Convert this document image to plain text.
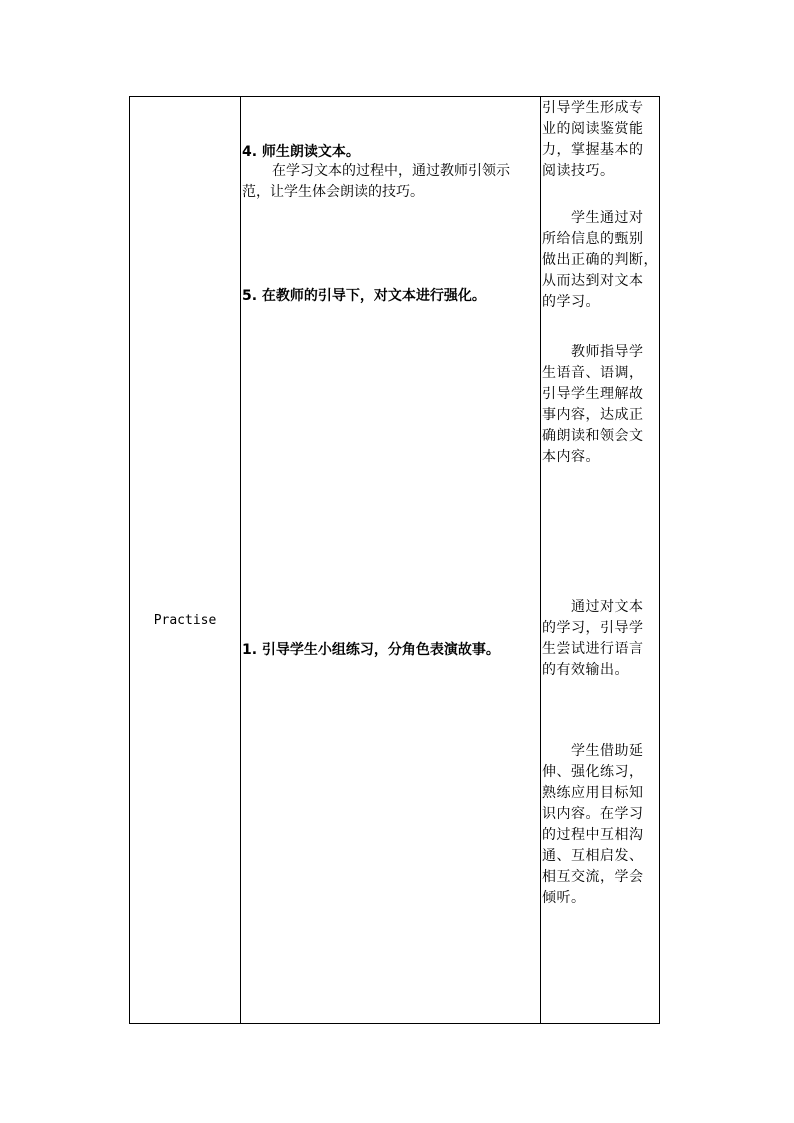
Practise
4. 师生朗读文本。
在学习文本的过程中，通过教师引领示
范，让学生体会朗读的技巧。
5. 在教师的引导下，对文本进行强化。
1. 引导学生小组练习，分角色表演故事。
引导学生形成专
业的阅读鉴赏能
力，掌握基本的
阅读技巧。
　　学生通过对
所给信息的甄别
做出正确的判断，
从而达到对文本
的学习。
　　教师指导学
生语音、语调，
引导学生理解故
事内容，达成正
确朗读和领会文
本内容。
　　通过对文本
的学习，引导学
生尝试进行语言
的有效输出。
　　学生借助延
伸、强化练习，
熟练应用目标知
识内容。在学习
的过程中互相沟
通、互相启发、
相互交流，学会
倾听。
